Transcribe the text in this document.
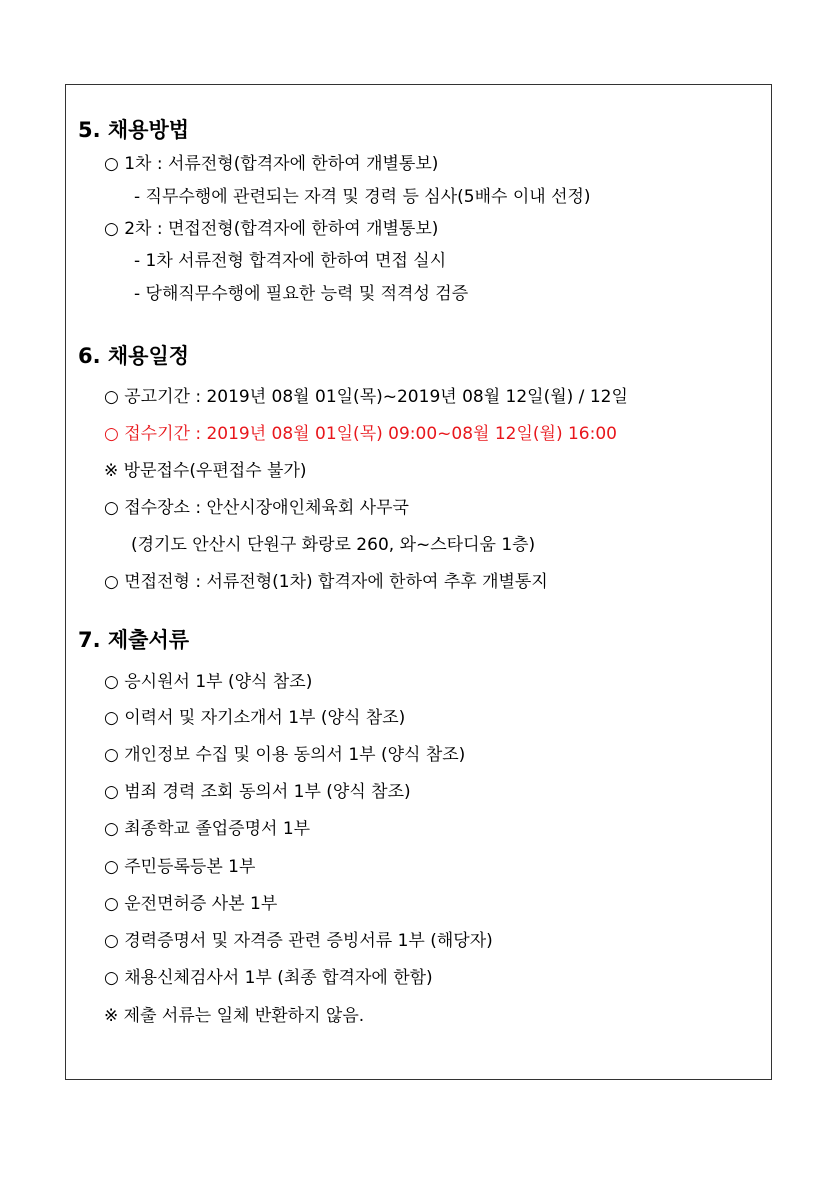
5. 채용방법
○ 1차 : 서류전형(합격자에 한하여 개별통보)
- 직무수행에 관련되는 자격 및 경력 등 심사(5배수 이내 선정)
○ 2차 : 면접전형(합격자에 한하여 개별통보)
- 1차 서류전형 합격자에 한하여 면접 실시
- 당해직무수행에 필요한 능력 및 적격성 검증
6. 채용일정
○ 공고기간 : 2019년 08월 01일(목)~2019년 08월 12일(월) / 12일
○ 접수기간 : 2019년 08월 01일(목) 09:00~08월 12일(월) 16:00
※ 방문접수(우편접수 불가)
○ 접수장소 : 안산시장애인체육회 사무국
(경기도 안산시 단원구 화랑로 260, 와~스타디움 1층)
○ 면접전형 : 서류전형(1차) 합격자에 한하여 추후 개별통지
7. 제출서류
○ 응시원서 1부 (양식 참조)
○ 이력서 및 자기소개서 1부 (양식 참조)
○ 개인정보 수집 및 이용 동의서 1부 (양식 참조)
○ 범죄 경력 조회 동의서 1부 (양식 참조)
○ 최종학교 졸업증명서 1부
○ 주민등록등본 1부
○ 운전면허증 사본 1부
○ 경력증명서 및 자격증 관련 증빙서류 1부 (해당자)
○ 채용신체검사서 1부 (최종 합격자에 한함)
※ 제출 서류는 일체 반환하지 않음.
